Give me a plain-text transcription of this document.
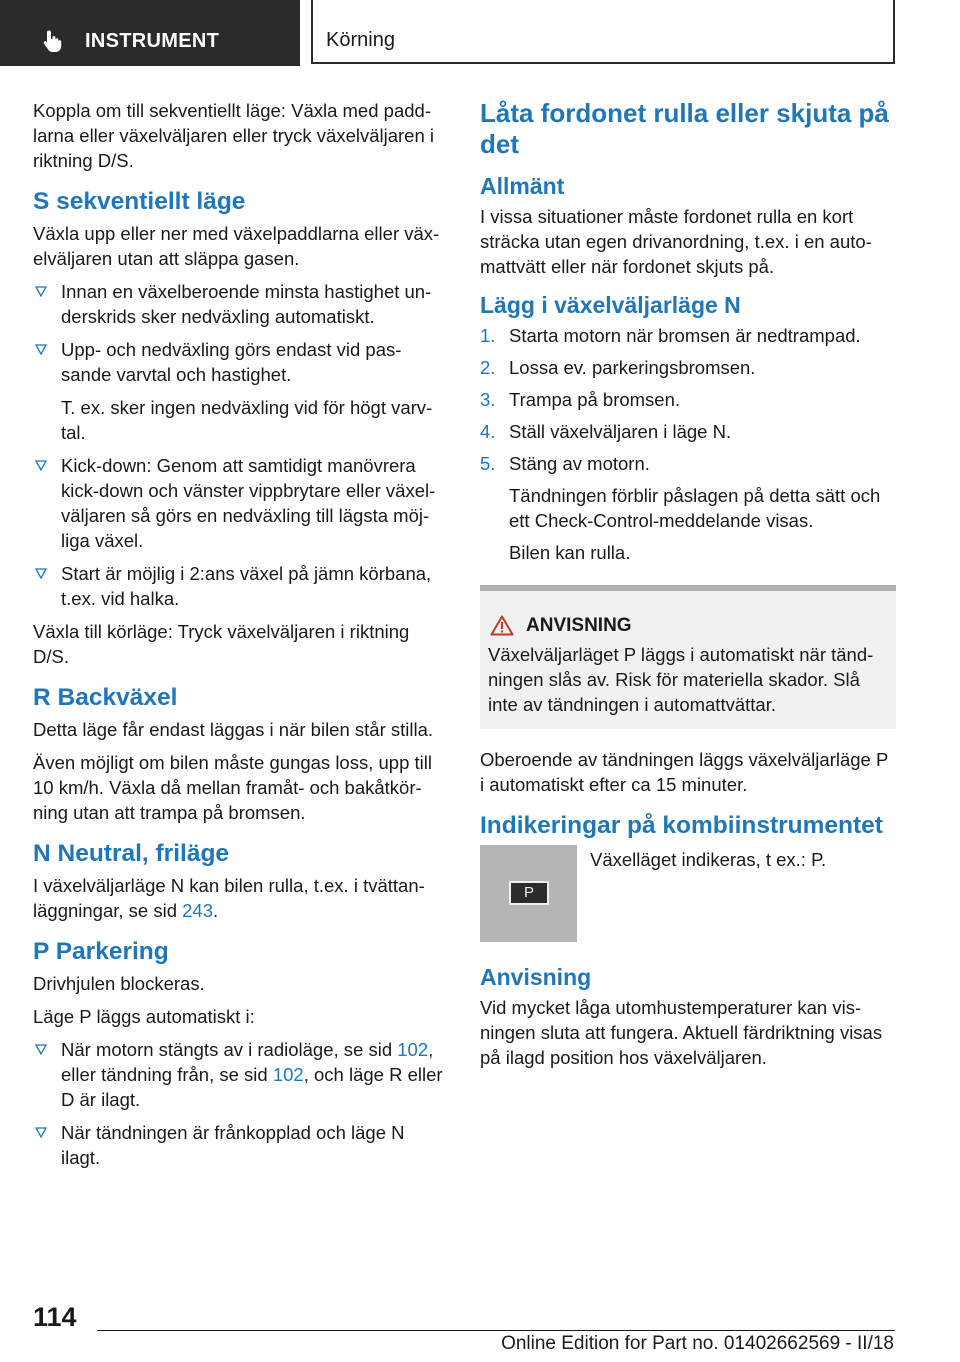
INSTRUMENT	Körning

Koppla om till sekventiellt läge: Växla med paddlarna eller växelväljaren eller tryck växelväljaren i riktning D/S.

S sekventiellt läge

Växla upp eller ner med växelpaddlarna eller växelväljaren utan att släppa gasen.

Innan en växelberoende minsta hastighet underskrids sker nedväxling automatiskt.
Upp- och nedväxling görs endast vid passande varvtal och hastighet.

T. ex. sker ingen nedväxling vid för högt varvtal.

Kick-down: Genom att samtidigt manövrera kick-down och vänster vippbrytare eller växelväljaren så görs en nedväxling till lägsta möjliga växel.
Start är möjlig i 2:ans växel på jämn körbana, t.ex. vid halka.

Växla till körläge: Tryck växelväljaren i riktning D/S.

R Backväxel

Detta läge får endast läggas i när bilen står stilla.

Även möjligt om bilen måste gungas loss, upp till 10 km/h. Växla då mellan framåt- och bakåtkörning utan att trampa på bromsen.

N Neutral, friläge

I växelväljarläge N kan bilen rulla, t.ex. i tvättanläggningar, se sid 243.

P Parkering

Drivhjulen blockeras.

Läge P läggs automatiskt i:

När motorn stängts av i radioläge, se sid 102, eller tändning från, se sid 102, och läge R eller D är ilagt.
När tändningen är frånkopplad och läge N ilagt.
Låta fordonet rulla eller skjuta på det
Allmänt

I vissa situationer måste fordonet rulla en kort sträcka utan egen drivanordning, t.ex. i en automattvätt eller när fordonet skjuts på.

Lägg i växelväljarläge N
1. Starta motorn när bromsen är nedtrampad.
2. Lossa ev. parkeringsbromsen.
3. Trampa på bromsen.
4. Ställ växelväljaren i läge N.
5. Stäng av motorn.

Tändningen förblir påslagen på detta sätt och ett Check-Control-meddelande visas.

Bilen kan rulla.

ANVISNING
Växelväljarläget P läggs i automatiskt när tändningen slås av. Risk för materiella skador. Slå inte av tändningen i automattvättar.

Oberoende av tändningen läggs växelväljarläge P i automatiskt efter ca 15 minuter.

Indikeringar på kombiinstrumentet
P
Växelläget indikeras, t ex.: P.
Anvisning

Vid mycket låga utomhustemperaturer kan visningen sluta att fungera. Aktuell färdriktning visas på ilagd position hos växelväljaren.

114
Online Edition for Part no. 01402662569 - II/18
